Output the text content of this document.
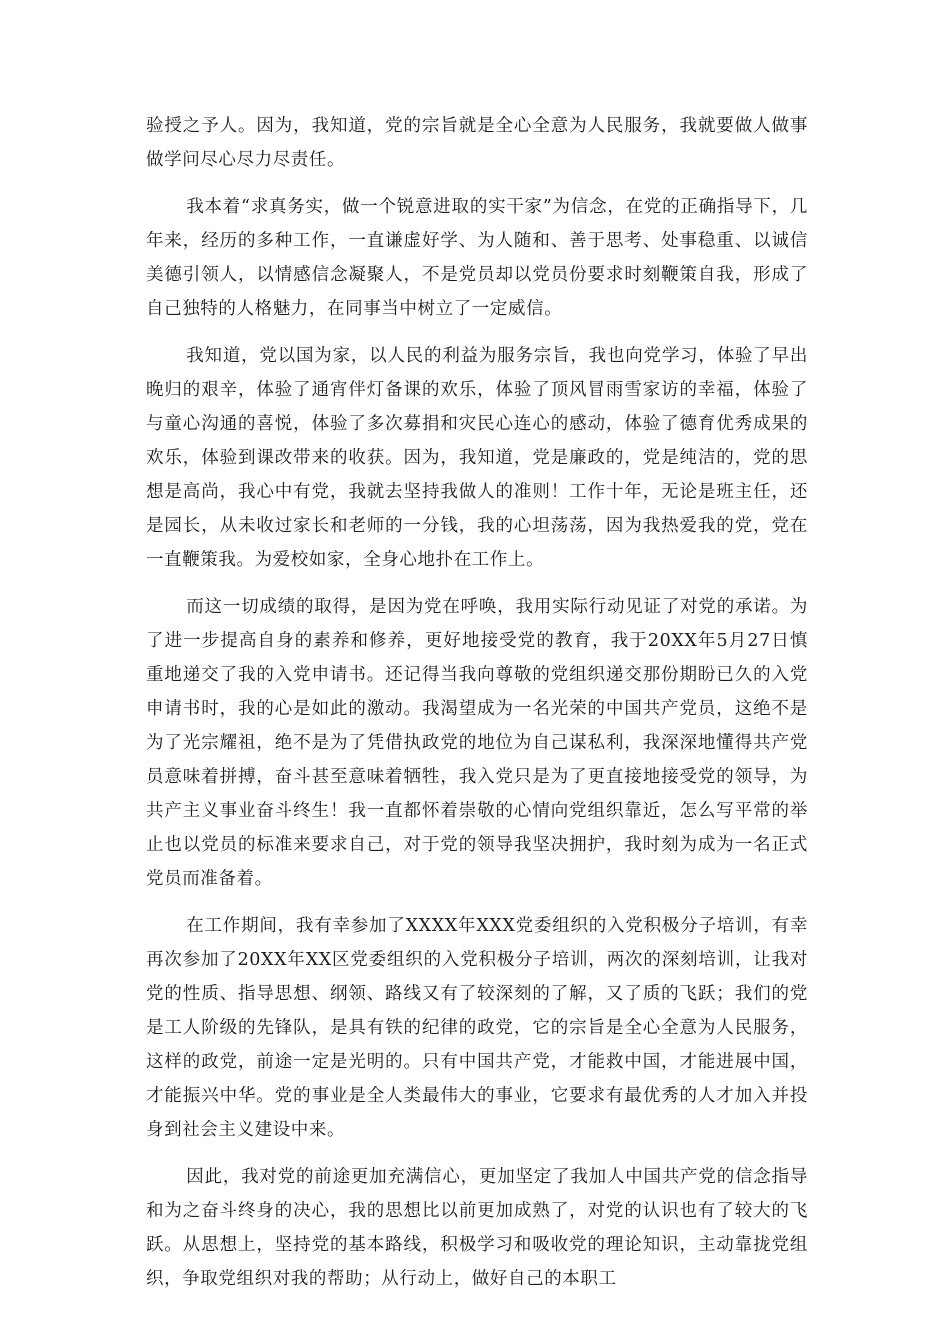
验授之予人。因为，我知道，党的宗旨就是全心全意为人民服务，我就要做人做事做学问尽心尽力尽责任。

我本着“求真务实，做一个锐意进取的实干家”为信念，在党的正确指导下，几年来，经历的多种工作，一直谦虚好学、为人随和、善于思考、处事稳重、以诚信美德引领人，以情感信念凝聚人，不是党员却以党员份要求时刻鞭策自我，形成了自己独特的人格魅力，在同事当中树立了一定威信。

我知道，党以国为家，以人民的利益为服务宗旨，我也向党学习，体验了早出晚归的艰辛，体验了通宵伴灯备课的欢乐，体验了顶风冒雨雪家访的幸福，体验了与童心沟通的喜悦，体验了多次募捐和灾民心连心的感动，体验了德育优秀成果的欢乐，体验到课改带来的收获。因为，我知道，党是廉政的，党是纯洁的，党的思想是高尚，我心中有党，我就去坚持我做人的准则！工作十年，无论是班主任，还是园长，从未收过家长和老师的一分钱，我的心坦荡荡，因为我热爱我的党，党在一直鞭策我。为爱校如家，全身心地扑在工作上。

而这一切成绩的取得，是因为党在呼唤，我用实际行动见证了对党的承诺。为了进一步提高自身的素养和修养，更好地接受党的教育，我于20XX年5月27日慎重地递交了我的入党申请书。还记得当我向尊敬的党组织递交那份期盼已久的入党申请书时，我的心是如此的激动。我渴望成为一名光荣的中国共产党员，这绝不是为了光宗耀祖，绝不是为了凭借执政党的地位为自己谋私利，我深深地懂得共产党员意味着拼搏，奋斗甚至意味着牺牲，我入党只是为了更直接地接受党的领导，为共产主义事业奋斗终生！我一直都怀着崇敬的心情向党组织靠近，怎么写平常的举止也以党员的标准来要求自己，对于党的领导我坚决拥护，我时刻为成为一名正式党员而准备着。

在工作期间，我有幸参加了XXXX年XXX党委组织的入党积极分子培训，有幸再次参加了20XX年XX区党委组织的入党积极分子培训，两次的深刻培训，让我对党的性质、指导思想、纲领、路线又有了较深刻的了解，又了质的飞跃；我们的党是工人阶级的先锋队，是具有铁的纪律的政党，它的宗旨是全心全意为人民服务，这样的政党，前途一定是光明的。只有中国共产党，才能救中国，才能进展中国，才能振兴中华。党的事业是全人类最伟大的事业，它要求有最优秀的人才加入并投身到社会主义建设中来。

因此，我对党的前途更加充满信心，更加坚定了我加人中国共产党的信念指导和为之奋斗终身的决心，我的思想比以前更加成熟了，对党的认识也有了较大的飞跃。从思想上，坚持党的基本路线，积极学习和吸收党的理论知识，主动靠拢党组织，争取党组织对我的帮助；从行动上，做好自己的本职工
